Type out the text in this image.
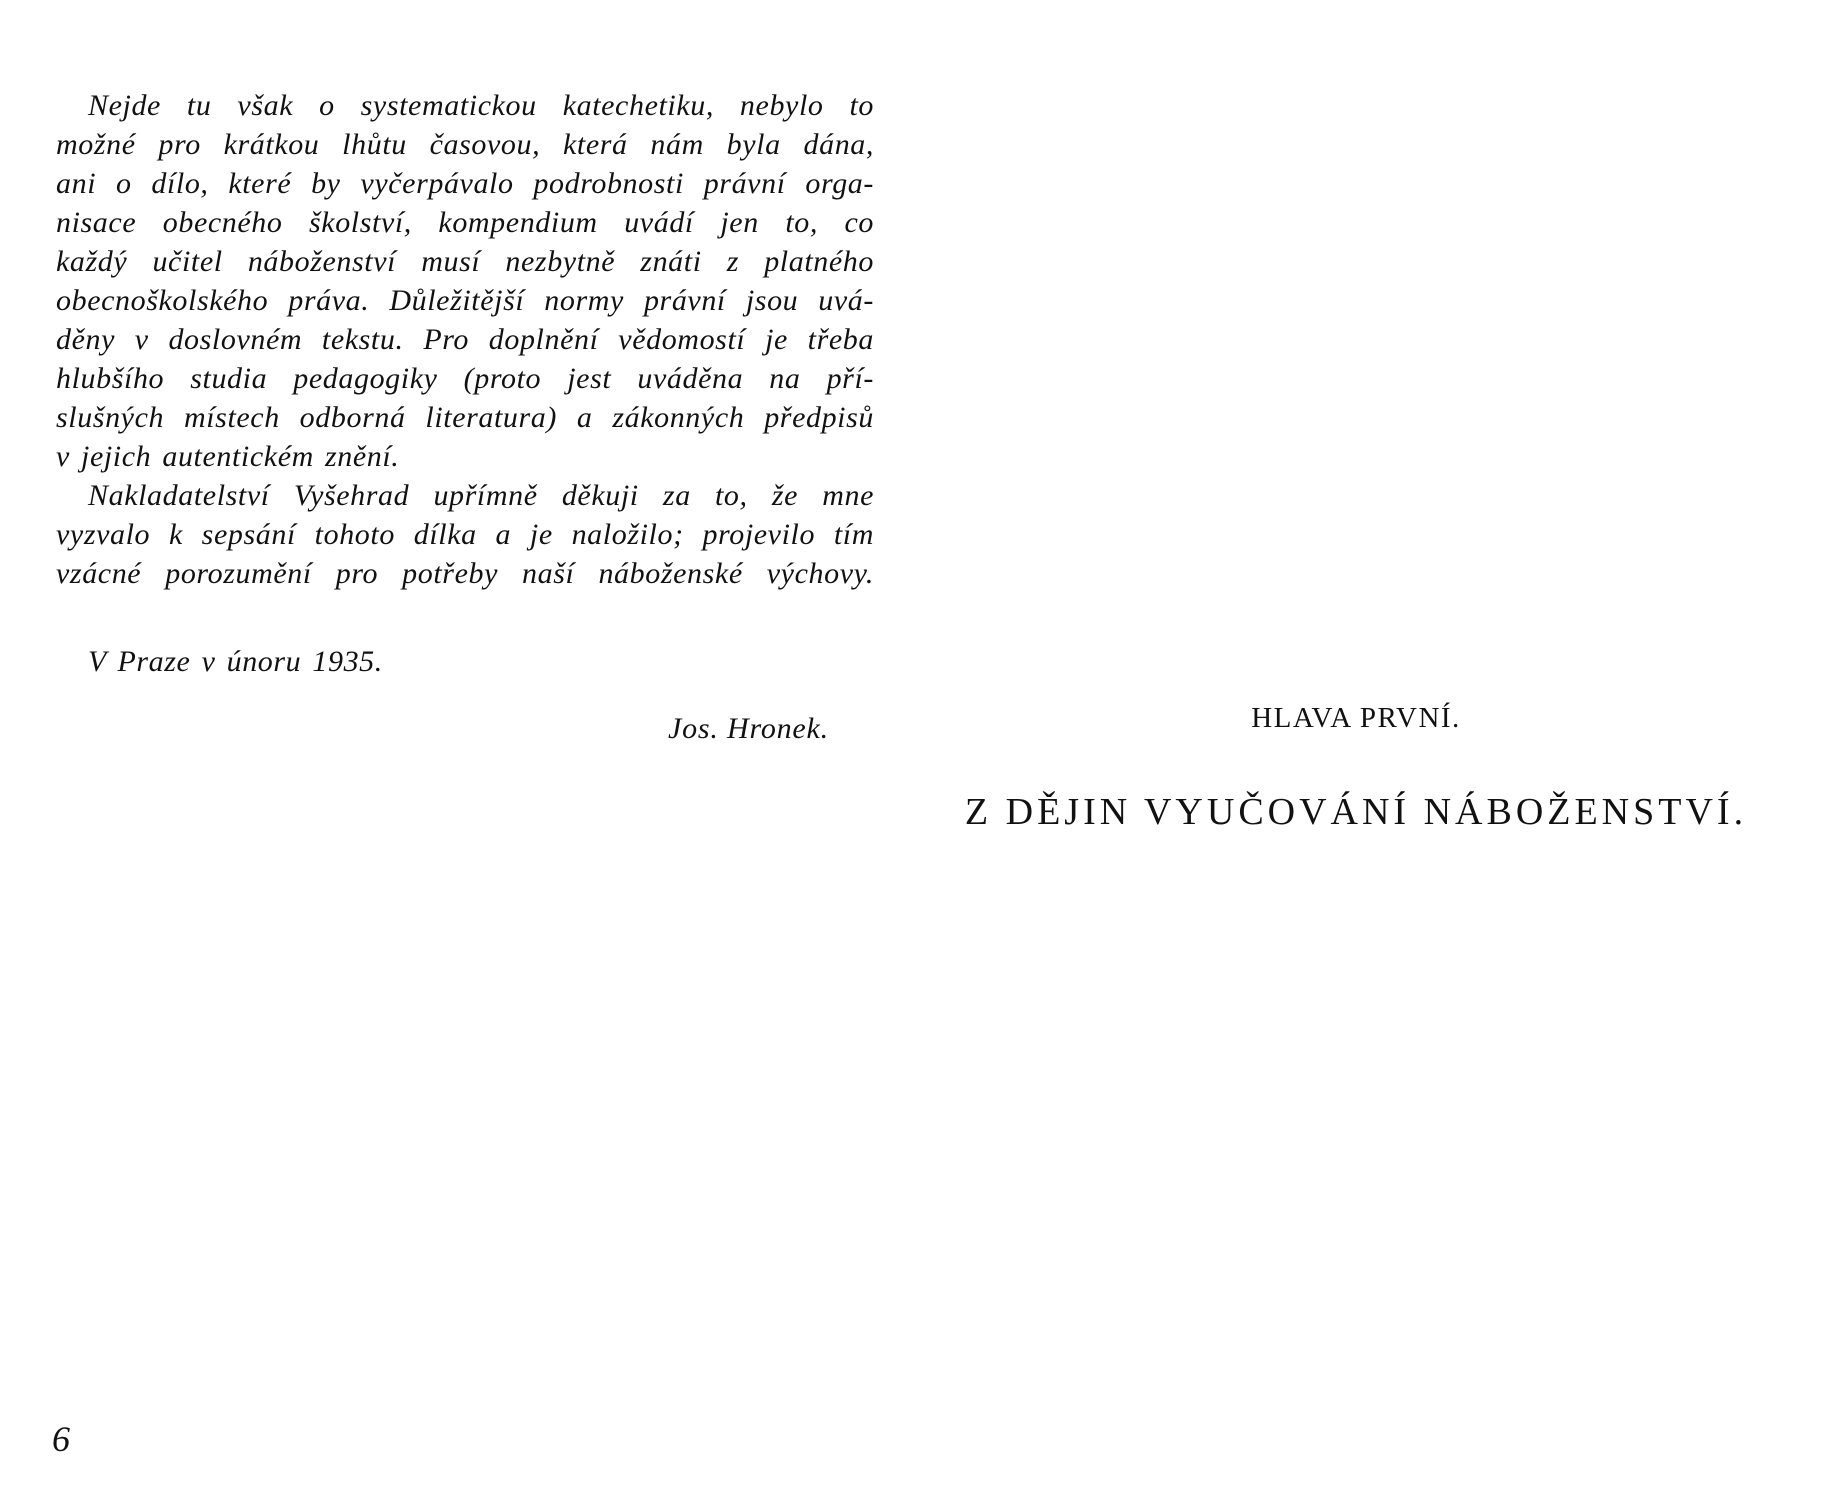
Nejde tu však o systematickou katechetiku, nebylo to
možné pro krátkou lhůtu časovou, která nám byla dána,
ani o dílo, které by vyčerpávalo podrobnosti právní orga-
nisace obecného školství, kompendium uvádí jen to, co
každý učitel náboženství musí nezbytně znáti z platného
obecnoškolského práva. Důležitější normy právní jsou uvá-
děny v doslovném tekstu. Pro doplnění vědomostí je třeba
hlubšího studia pedagogiky (proto jest uváděna na pří-
slušných místech odborná literatura) a zákonných předpisů
v jejich autentickém znění.
Nakladatelství Vyšehrad upřímně děkuji za to, že mne
vyzvalo k sepsání tohoto dílka a je naložilo; projevilo tím
vzácné porozumění pro potřeby naší náboženské výchovy.
V Praze v únoru 1935.
Jos. Hronek.
6
HLAVA PRVNÍ.
Z DĚJIN VYUČOVÁNÍ NÁBOŽENSTVÍ.
